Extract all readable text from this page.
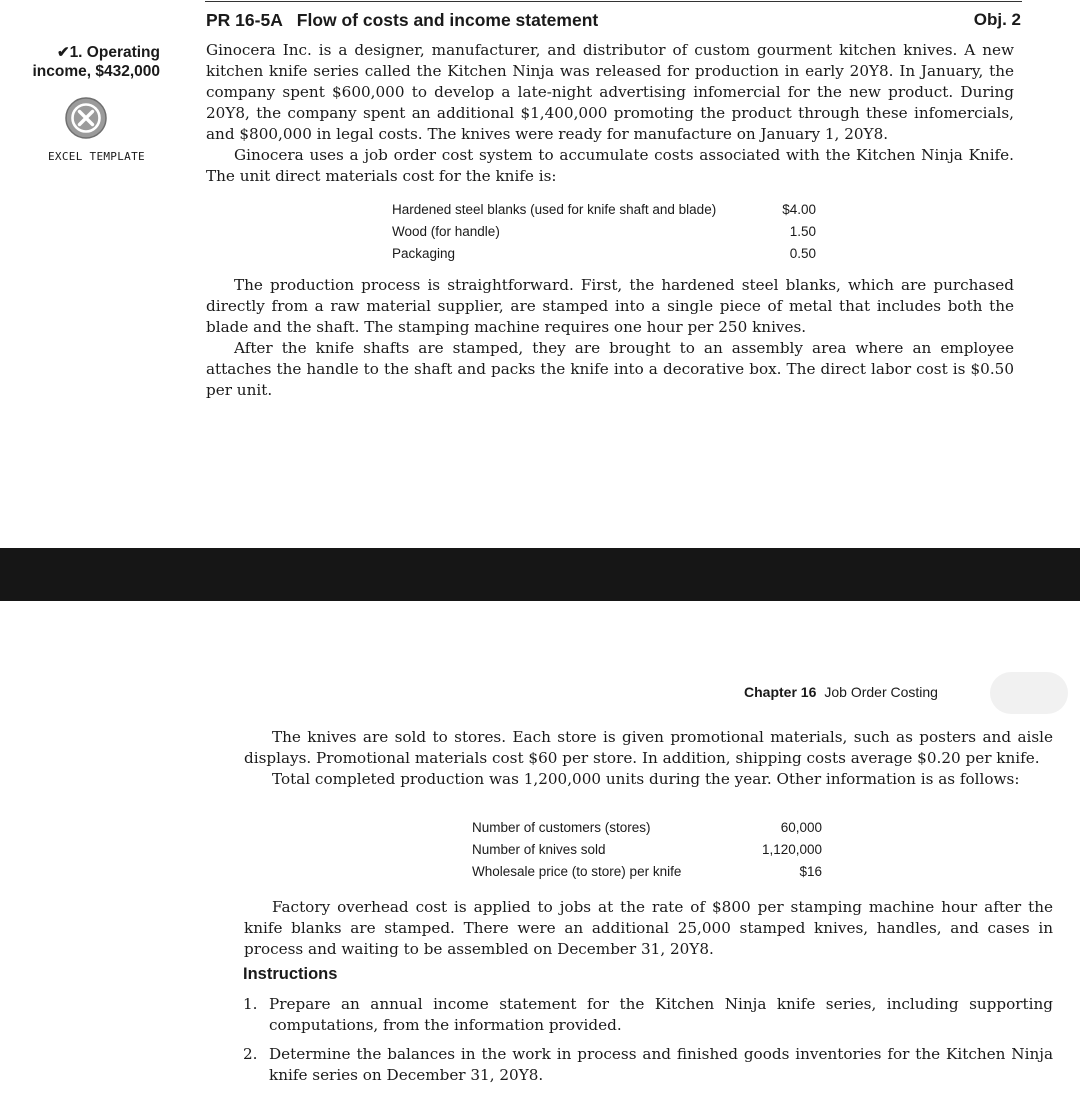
PR 16-5A Flow of costs and income statement	Obj. 2
✔1. Operating
income, $432,000
EXCEL TEMPLATE

Ginocera Inc. is a designer, manufacturer, and distributor of custom gourment kitchen knives. A new kitchen knife series called the Kitchen Ninja was released for production in early 20Y8. In January, the company spent $600,000 to develop a late-night advertising infomercial for the new product. During 20Y8, the company spent an additional $1,400,000 promoting the product through these infomercials, and $800,000 in legal costs. The knives were ready for manufacture on January 1, 20Y8.

Ginocera uses a job order cost system to accumulate costs associated with the Kitchen Ninja Knife. The unit direct materials cost for the knife is:

Hardened steel blanks (used for knife shaft and blade)	$4.00
Wood (for handle)	1.50
Packaging	0.50

The production process is straightforward. First, the hardened steel blanks, which are purchased directly from a raw material supplier, are stamped into a single piece of metal that includes both the blade and the shaft. The stamping machine requires one hour per 250 knives.

After the knife shafts are stamped, they are brought to an assembly area where an employee attaches the handle to the shaft and packs the knife into a decorative box. The direct labor cost is $0.50 per unit.

Chapter 16 Job Order Costing

The knives are sold to stores. Each store is given promotional materials, such as posters and aisle displays. Promotional materials cost $60 per store. In addition, shipping costs average $0.20 per knife.

Total completed production was 1,200,000 units during the year. Other information is as follows:

Number of customers (stores)	60,000
Number of knives sold	1,120,000
Wholesale price (to store) per knife	$16

Factory overhead cost is applied to jobs at the rate of $800 per stamping machine hour after the knife blanks are stamped. There were an additional 25,000 stamped knives, handles, and cases in process and waiting to be assembled on December 31, 20Y8.

Instructions
1. Prepare an annual income statement for the Kitchen Ninja knife series, including supporting computations, from the information provided.
2. Determine the balances in the work in process and finished goods inventories for the Kitchen Ninja knife series on December 31, 20Y8.
